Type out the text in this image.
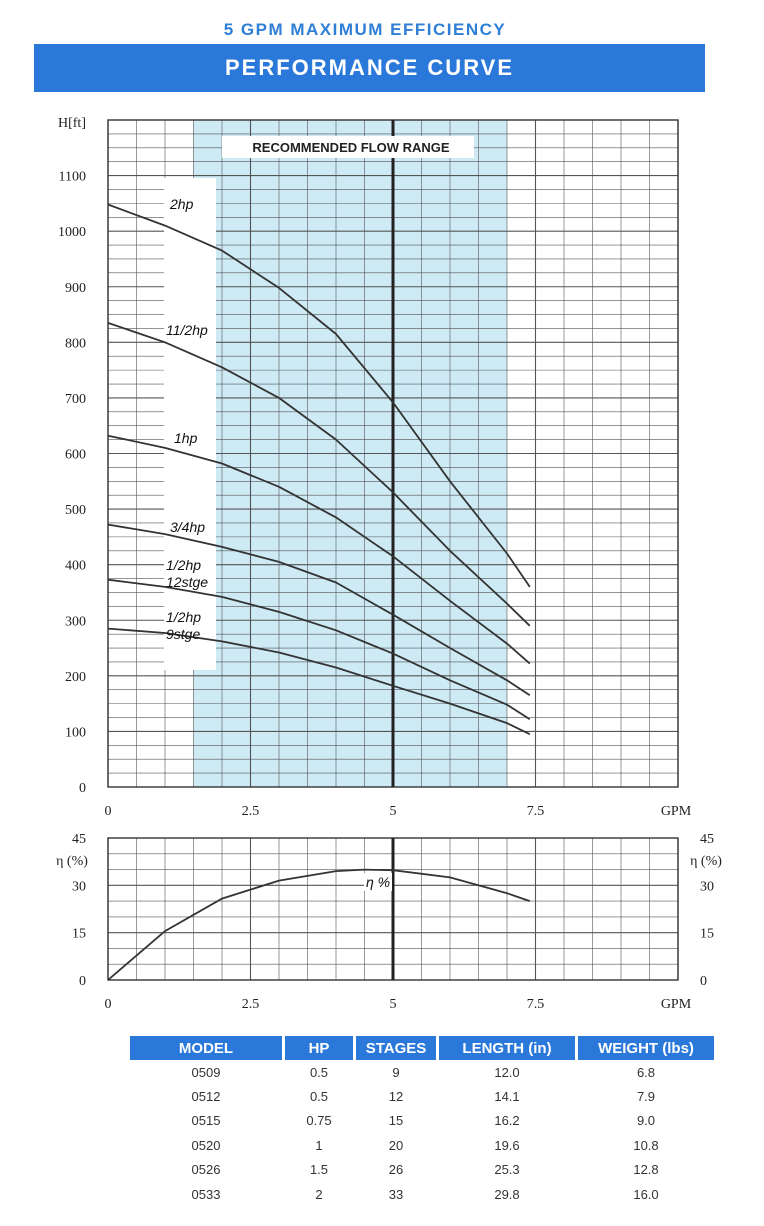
5 GPM MAXIMUM EFFICIENCY
PERFORMANCE CURVE
RECOMMENDED FLOW RANGE
2hp
11/2hp
1hp
3/4hp
1/2hp 12stge
1/2hp 9stge
0
100
200
300
400
500
600
700
800
900
1000
1100
H[ft]
0	2.5	5	7.5	GPM
η %
0	0
15	15
30	30
45	45
η (%)	η (%)
0	2.5	5	7.5	GPM
MODEL	HP	STAGES	LENGTH (in)	WEIGHT (lbs)
0509	0.5	9	12.0	6.8
0512	0.5	12	14.1	7.9
0515	0.75	15	16.2	9.0
0520	1	20	19.6	10.8
0526	1.5	26	25.3	12.8
0533	2	33	29.8	16.0
